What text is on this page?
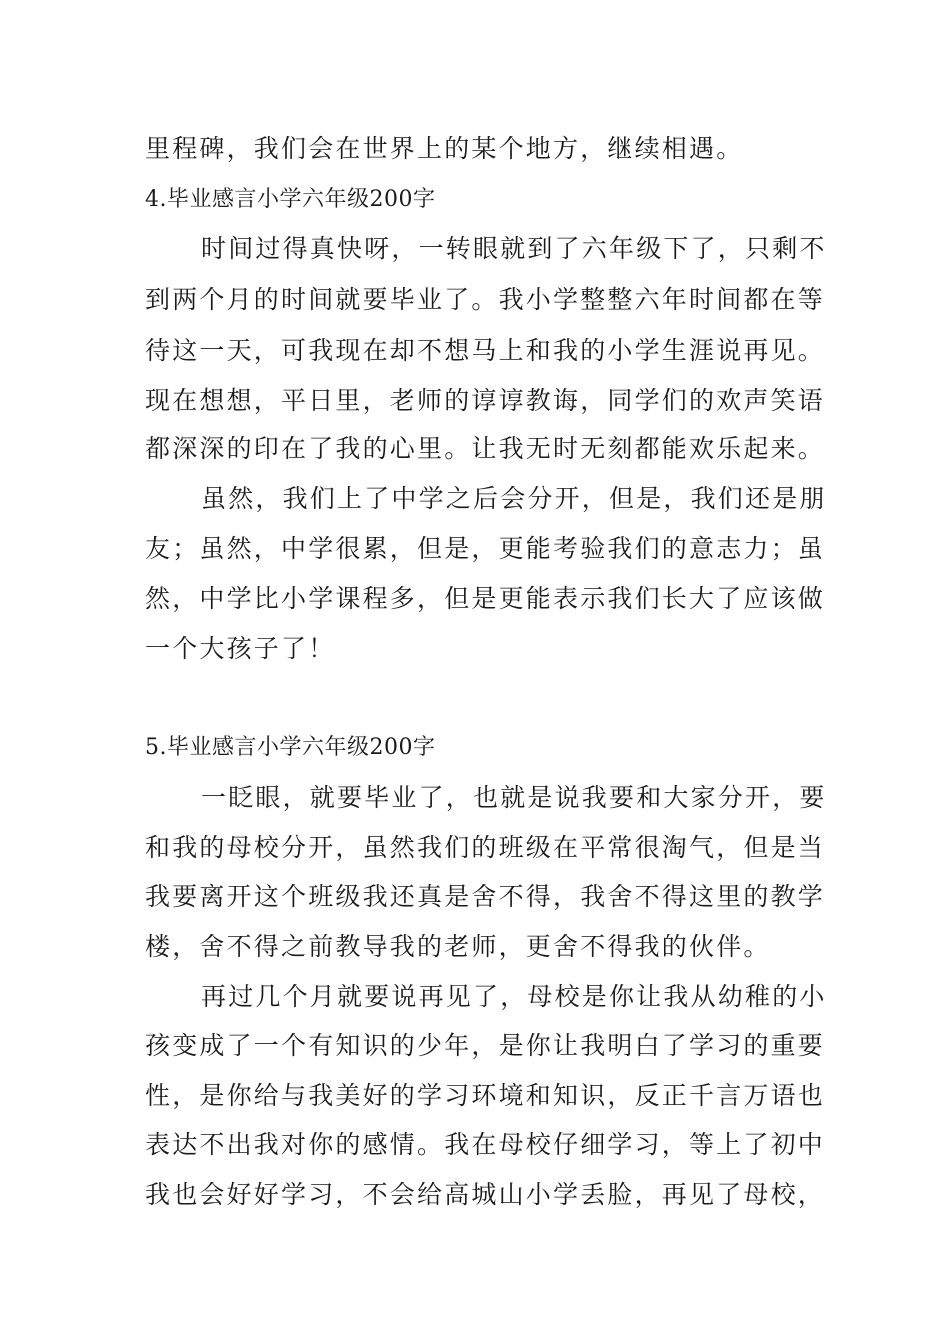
里程碑，我们会在世界上的某个地方，继续相遇。

4.毕业感言小学六年级200字

时间过得真快呀，一转眼就到了六年级下了，只剩不

到两个月的时间就要毕业了。我小学整整六年时间都在等

待这一天，可我现在却不想马上和我的小学生涯说再见。

现在想想，平日里，老师的谆谆教诲，同学们的欢声笑语

都深深的印在了我的心里。让我无时无刻都能欢乐起来。

虽然，我们上了中学之后会分开，但是，我们还是朋

友；虽然，中学很累，但是，更能考验我们的意志力；虽

然，中学比小学课程多，但是更能表示我们长大了应该做

一个大孩子了！

5.毕业感言小学六年级200字

一眨眼，就要毕业了，也就是说我要和大家分开，要

和我的母校分开，虽然我们的班级在平常很淘气，但是当

我要离开这个班级我还真是舍不得，我舍不得这里的教学

楼，舍不得之前教导我的老师，更舍不得我的伙伴。

再过几个月就要说再见了，母校是你让我从幼稚的小

孩变成了一个有知识的少年，是你让我明白了学习的重要

性，是你给与我美好的学习环境和知识，反正千言万语也

表达不出我对你的感情。我在母校仔细学习，等上了初中

我也会好好学习，不会给高城山小学丢脸，再见了母校，
